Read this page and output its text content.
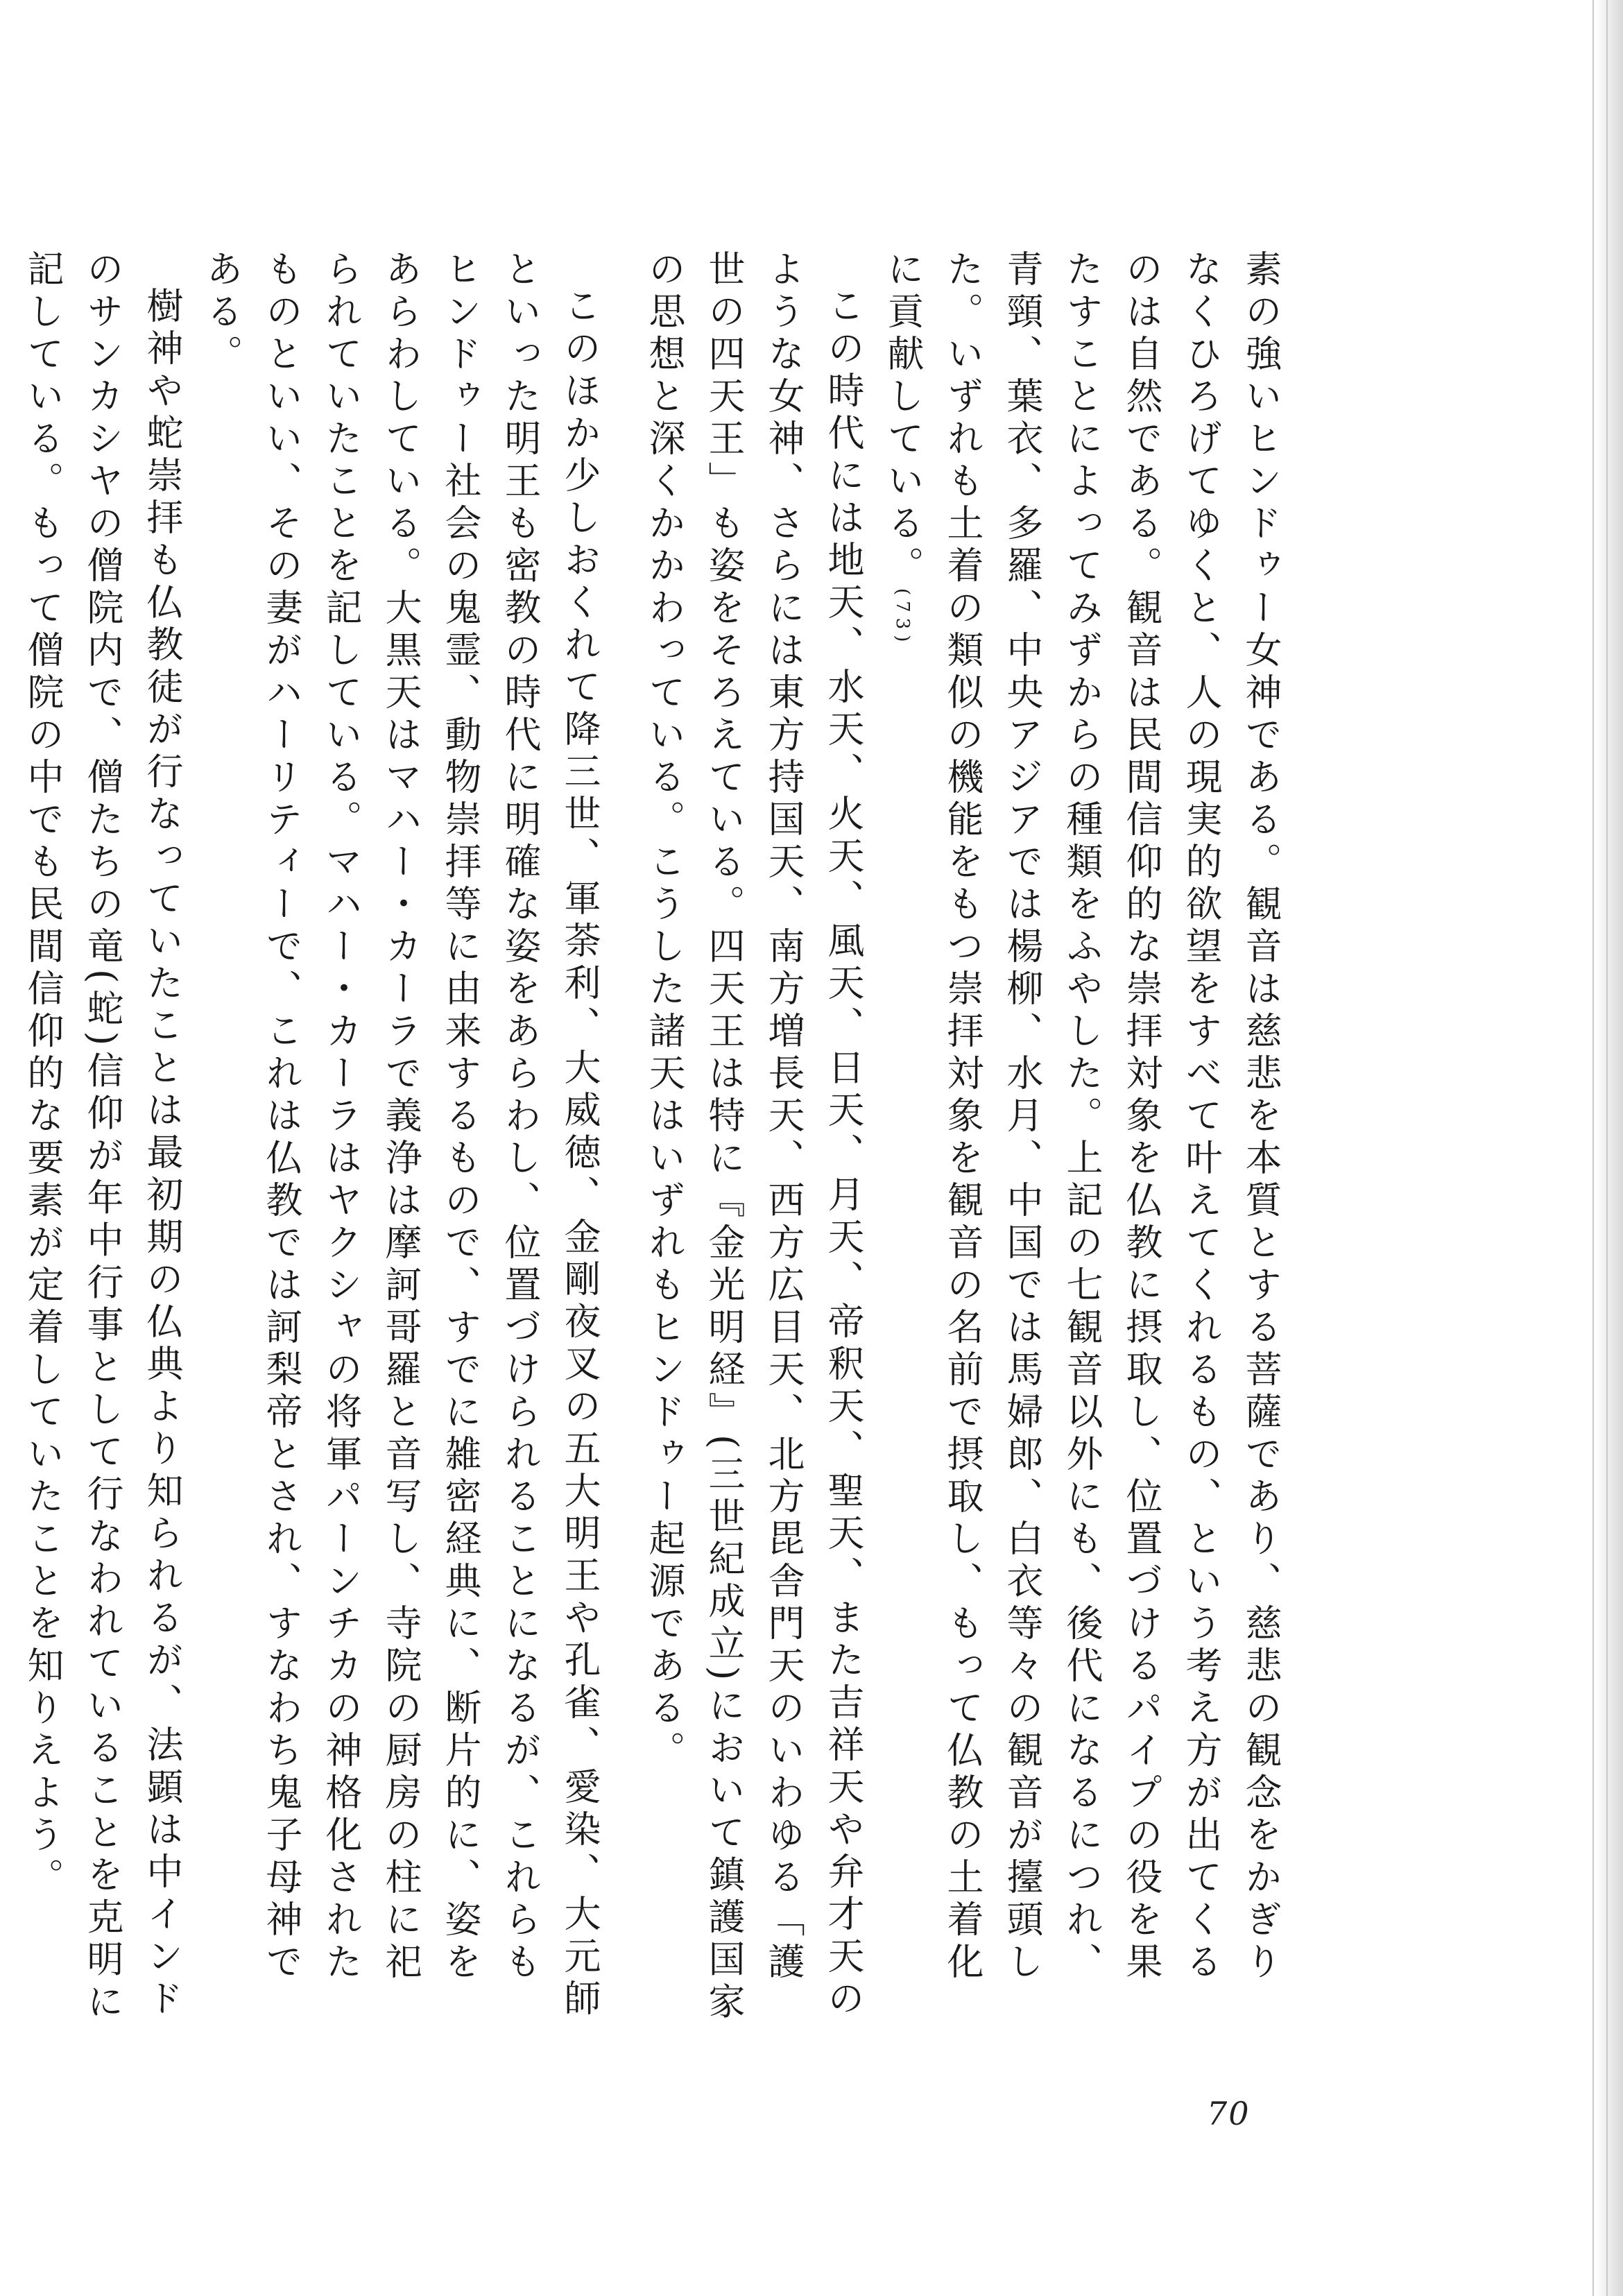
素の強いヒンドゥー女神である。観音は慈悲を本質とする菩薩であり、慈悲の観念をかぎりなくひろげてゆくと、人の現実的欲望をすべて叶えてくれるもの、という考え方が出てくるのは自然である。観音は民間信仰的な崇拝対象を仏教に摂取し、位置づけるパイプの役を果たすことによってみずからの種類をふやした。上記の七観音以外にも、後代になるにつれ、青頸、葉衣、多羅、中央アジアでは楊柳、水月、中国では馬婦郎、白衣等々の観音が擡頭した。いずれも土着の類似の機能をもつ崇拝対象を観音の名前で摂取し、もって仏教の土着化に貢献している。(73)

この時代には地天、水天、火天、風天、日天、月天、帝釈天、聖天、また吉祥天や弁才天のような女神、さらには東方持国天、南方増長天、西方広目天、北方毘舎門天のいわゆる「護世の四天王」も姿をそろえている。四天王は特に『金光明経』(三世紀成立)において鎮護国家の思想と深くかかわっている。こうした諸天はいずれもヒンドゥー起源である。

このほか少しおくれて降三世、軍荼利、大威徳、金剛夜叉の五大明王や孔雀、愛染、大元師といった明王も密教の時代に明確な姿をあらわし、位置づけられることになるが、これらもヒンドゥー社会の鬼霊、動物崇拝等に由来するもので、すでに雑密経典に、断片的に、姿をあらわしている。大黒天はマハー・カーラで義浄は摩訶哥羅と音写し、寺院の厨房の柱に祀られていたことを記している。マハー・カーラはヤクシャの将軍パーンチカの神格化されたものといい、その妻がハーリティーで、これは仏教では訶梨帝とされ、すなわち鬼子母神である。

樹神や蛇崇拝も仏教徒が行なっていたことは最初期の仏典より知られるが、法顕は中インドのサンカシヤの僧院内で、僧たちの竜(蛇)信仰が年中行事として行なわれていることを克明に記している。もって僧院の中でも民間信仰的な要素が定着していたことを知りえよう。

70
